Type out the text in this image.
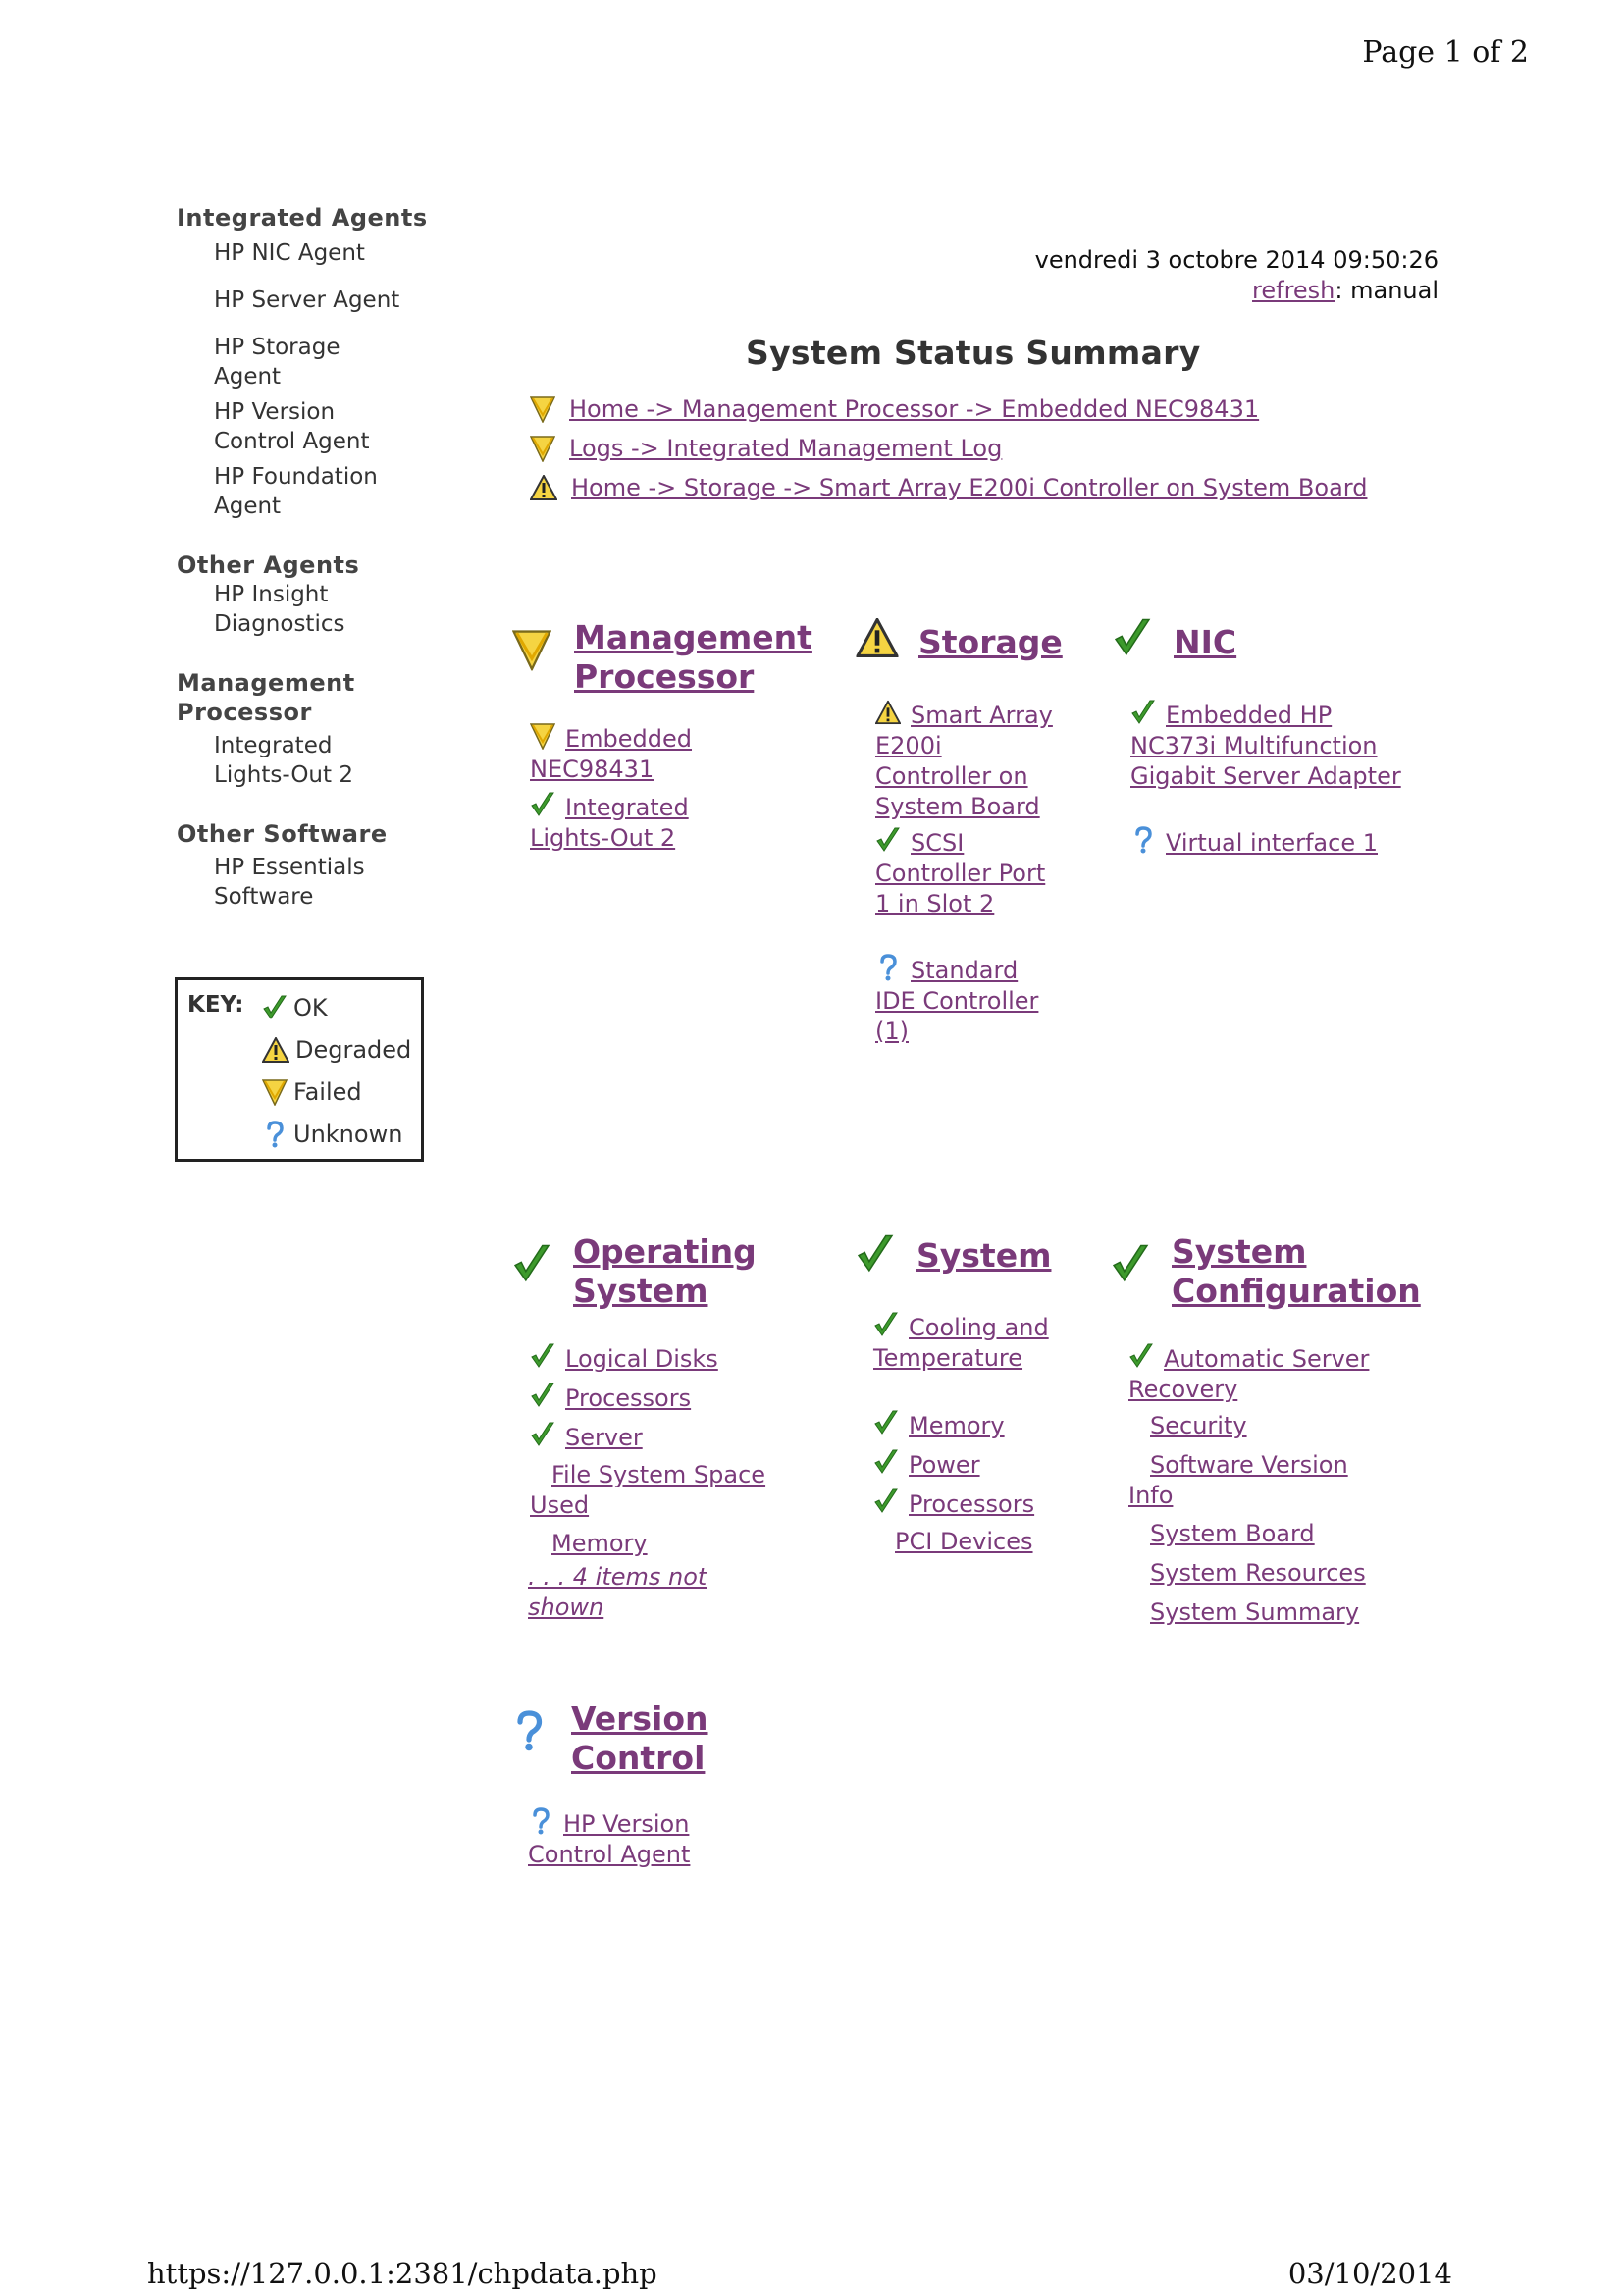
Page 1 of 2
https://127.0.0.1:2381/chpdata.php	03/10/2014
Integrated Agents
HP NIC Agent
HP Server Agent
HP Storage Agent
HP Version Control Agent
HP Foundation Agent
Other Agents
HP Insight Diagnostics
Management Processor
Integrated Lights-Out 2
Other Software
HP Essentials Software
KEY: OK
Degraded
Failed
Unknown
vendredi 3 octobre 2014 09:50:26
refresh: manual
System Status Summary
Home -> Management Processor -> Embedded NEC98431
Logs -> Integrated Management Log
Home -> Storage -> Smart Array E200i Controller on System Board
Management Processor
Embedded NEC98431
Integrated Lights-Out 2
Storage
Smart Array E200i Controller on System Board
SCSI Controller Port 1 in Slot 2
Standard IDE Controller (1)
NIC
Embedded HP NC373i Multifunction Gigabit Server Adapter
Virtual interface 1
Operating System
Logical Disks
Processors
Server
File System Space Used
Memory
. . . 4 items not shown
System
Cooling and Temperature
Memory
Power
Processors
PCI Devices
System Configuration
Automatic Server Recovery
Security
Software Version Info
System Board
System Resources
System Summary
Version Control
HP Version Control Agent
